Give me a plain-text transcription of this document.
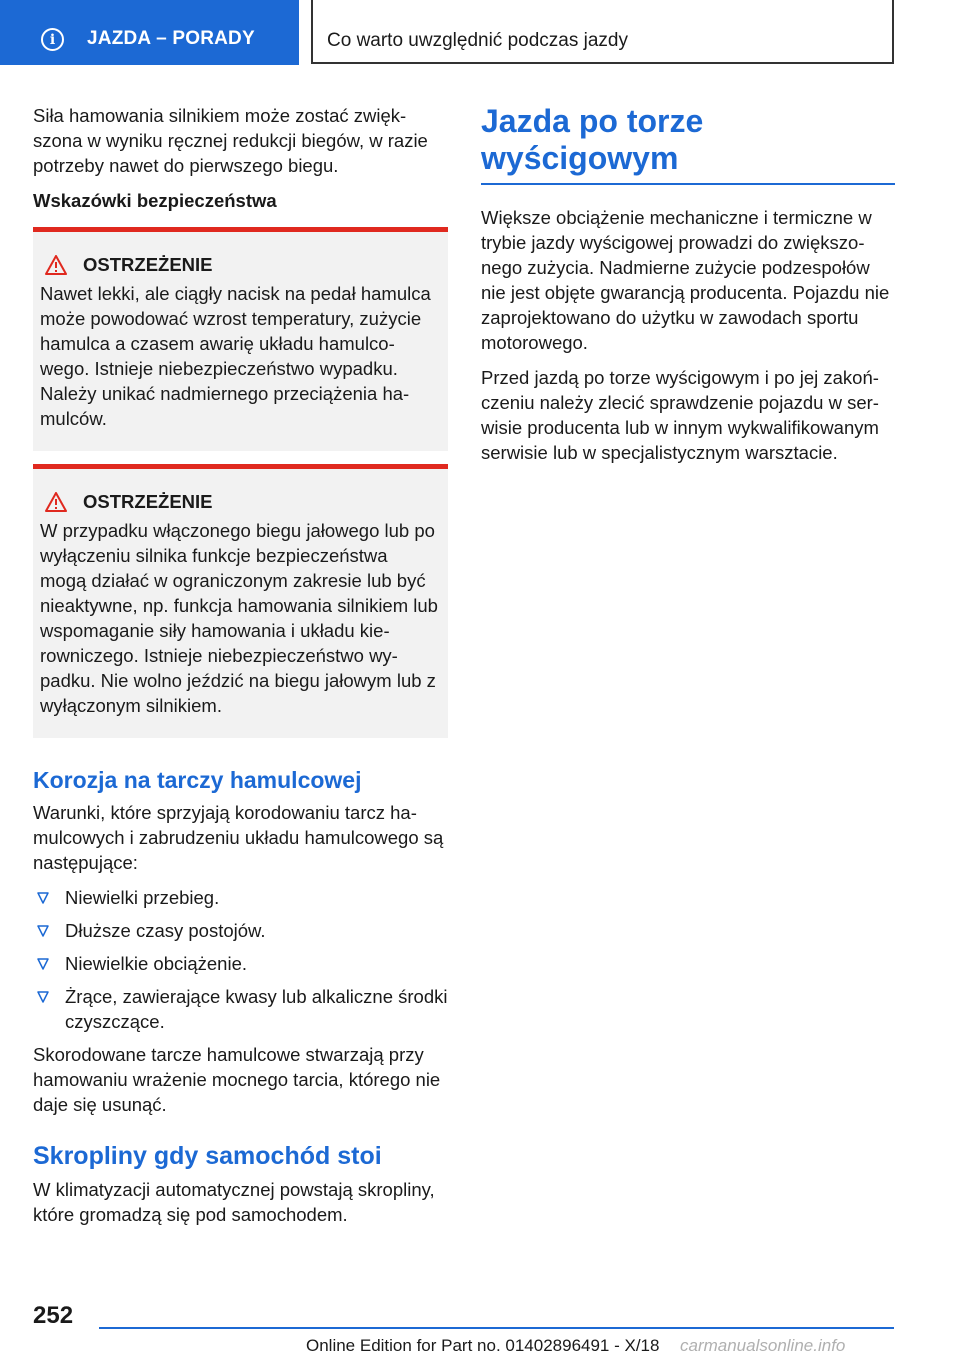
i	JAZDA – PORADY	Co warto uwzględnić podczas jazdy

Siła hamowania silnikiem może zostać zwięk-szona w wyniku ręcznej redukcji biegów, w razie potrzeby nawet do pierwszego biegu.

Wskazówki bezpieczeństwa
OSTRZEŻENIE

Nawet lekki, ale ciągły nacisk na pedał hamulca może powodować wzrost temperatury, zużycie hamulca a czasem awarię układu hamulco-wego. Istnieje niebezpieczeństwo wypadku. Należy unikać nadmiernego przeciążenia ha-mulców.

OSTRZEŻENIE

W przypadku włączonego biegu jałowego lub po wyłączeniu silnika funkcje bezpieczeństwa mogą działać w ograniczonym zakresie lub być nieaktywne, np. funkcja hamowania silnikiem lub wspomaganie siły hamowania i układu kie-rowniczego. Istnieje niebezpieczeństwo wy-padku. Nie wolno jeździć na biegu jałowym lub z wyłączonym silnikiem.

Korozja na tarczy hamulcowej

Warunki, które sprzyjają korodowaniu tarcz ha-mulcowych i zabrudzeniu układu hamulcowego są następujące:

Niewielki przebieg.
Dłuższe czasy postojów.
Niewielkie obciążenie.
Żrące, zawierające kwasy lub alkaliczne środki czyszczące.

Skorodowane tarcze hamulcowe stwarzają przy hamowaniu wrażenie mocnego tarcia, którego nie daje się usunąć.

Skropliny gdy samochód stoi

W klimatyzacji automatycznej powstają skropliny, które gromadzą się pod samochodem.

Jazda po torze wyścigowym

Większe obciążenie mechaniczne i termiczne w trybie jazdy wyścigowej prowadzi do zwiększo-nego zużycia. Nadmierne zużycie podzespołów nie jest objęte gwarancją producenta. Pojazdu nie zaprojektowano do użytku w zawodach sportu motorowego.

Przed jazdą po torze wyścigowym i po jej zakoń-czeniu należy zlecić sprawdzenie pojazdu w ser-wisie producenta lub w innym wykwalifikowanym serwisie lub w specjalistycznym warsztacie.

252
Online Edition for Part no. 01402896491 - X/18 carmanualsonline.info
